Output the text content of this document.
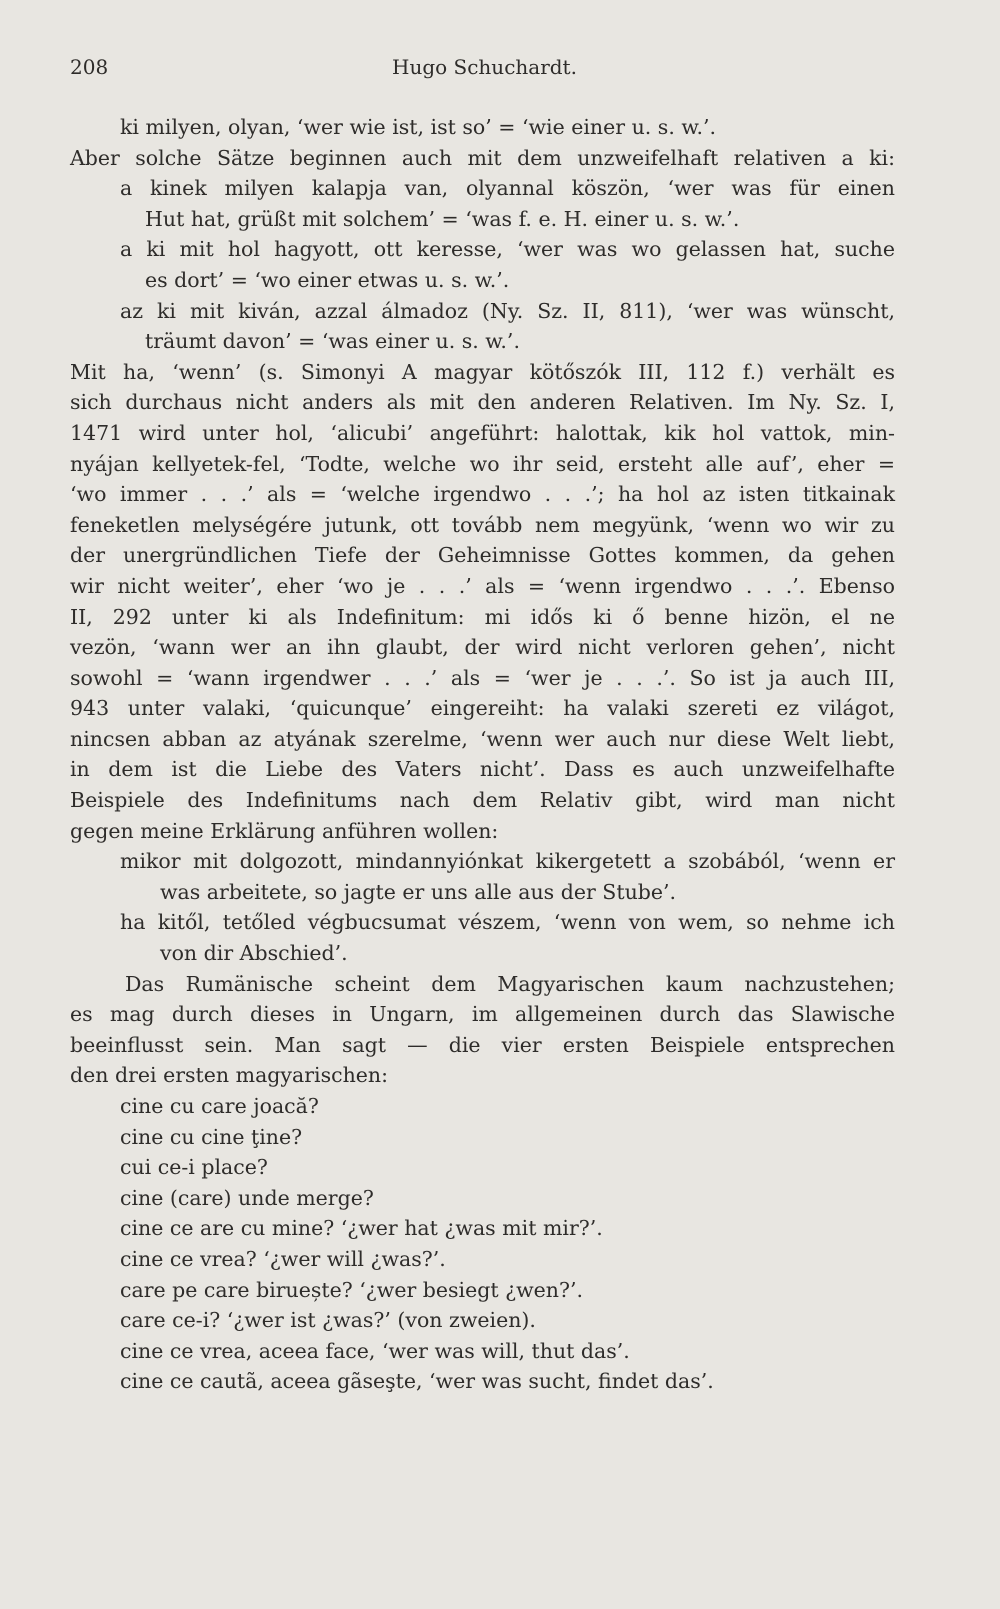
208	Hugo Schuchardt.
ki milyen, olyan, ‘wer wie ist, ist so’ = ‘wie einer u. s. w.’.
Aber solche Sätze beginnen auch mit dem unzweifelhaft relativen a ki:
a kinek milyen kalapja van, olyannal köszön, ‘wer was für einen
Hut hat, grüßt mit solchem’ = ‘was f. e. H. einer u. s. w.’.
a ki mit hol hagyott, ott keresse, ‘wer was wo gelassen hat, suche
es dort’ = ‘wo einer etwas u. s. w.’.
az ki mit kiván, azzal álmadoz (Ny. Sz. II, 811), ‘wer was wünscht,
träumt davon’ = ‘was einer u. s. w.’.
Mit ha, ‘wenn’ (s. Simonyi A magyar kötőszók III, 112 f.) verhält es
sich durchaus nicht anders als mit den anderen Relativen. Im Ny. Sz. I,
1471 wird unter hol, ‘alicubi’ angeführt: halottak, kik hol vattok, min-
nyájan kellyetek-fel, ‘Todte, welche wo ihr seid, ersteht alle auf’, eher =
‘wo immer . . .’ als = ‘welche irgendwo . . .’; ha hol az isten titkainak
feneketlen melységére jutunk, ott tovább nem megyünk, ‘wenn wo wir zu
der unergründlichen Tiefe der Geheimnisse Gottes kommen, da gehen
wir nicht weiter’, eher ‘wo je . . .’ als = ‘wenn irgendwo . . .’. Ebenso
II, 292 unter ki als Indefinitum: mi idős ki ő benne hizön, el ne
vezön, ‘wann wer an ihn glaubt, der wird nicht verloren gehen’, nicht
sowohl = ‘wann irgendwer . . .’ als = ‘wer je . . .’. So ist ja auch III,
943 unter valaki, ‘quicunque’ eingereiht: ha valaki szereti ez világot,
nincsen abban az atyának szerelme, ‘wenn wer auch nur diese Welt liebt,
in dem ist die Liebe des Vaters nicht’. Dass es auch unzweifelhafte
Beispiele des Indefinitums nach dem Relativ gibt, wird man nicht
gegen meine Erklärung anführen wollen:
mikor mit dolgozott, mindannyiónkat kikergetett a szobából, ‘wenn er
was arbeitete, so jagte er uns alle aus der Stube’.
ha kitől, tetőled végbucsumat vészem, ‘wenn von wem, so nehme ich
von dir Abschied’.
Das Rumänische scheint dem Magyarischen kaum nachzustehen;
es mag durch dieses in Ungarn, im allgemeinen durch das Slawische
beeinflusst sein. Man sagt — die vier ersten Beispiele entsprechen
den drei ersten magyarischen:
cine cu care joacă?
cine cu cine ţine?
cui ce-i place?
cine (care) unde merge?
cine ce are cu mine? ‘¿wer hat ¿was mit mir?’.
cine ce vrea? ‘¿wer will ¿was?’.
care pe care biruește? ‘¿wer besiegt ¿wen?’.
care ce-i? ‘¿wer ist ¿was?’ (von zweien).
cine ce vrea, aceea face, ‘wer was will, thut das’.
cine ce cautã, aceea gãseşte, ‘wer was sucht, findet das’.
